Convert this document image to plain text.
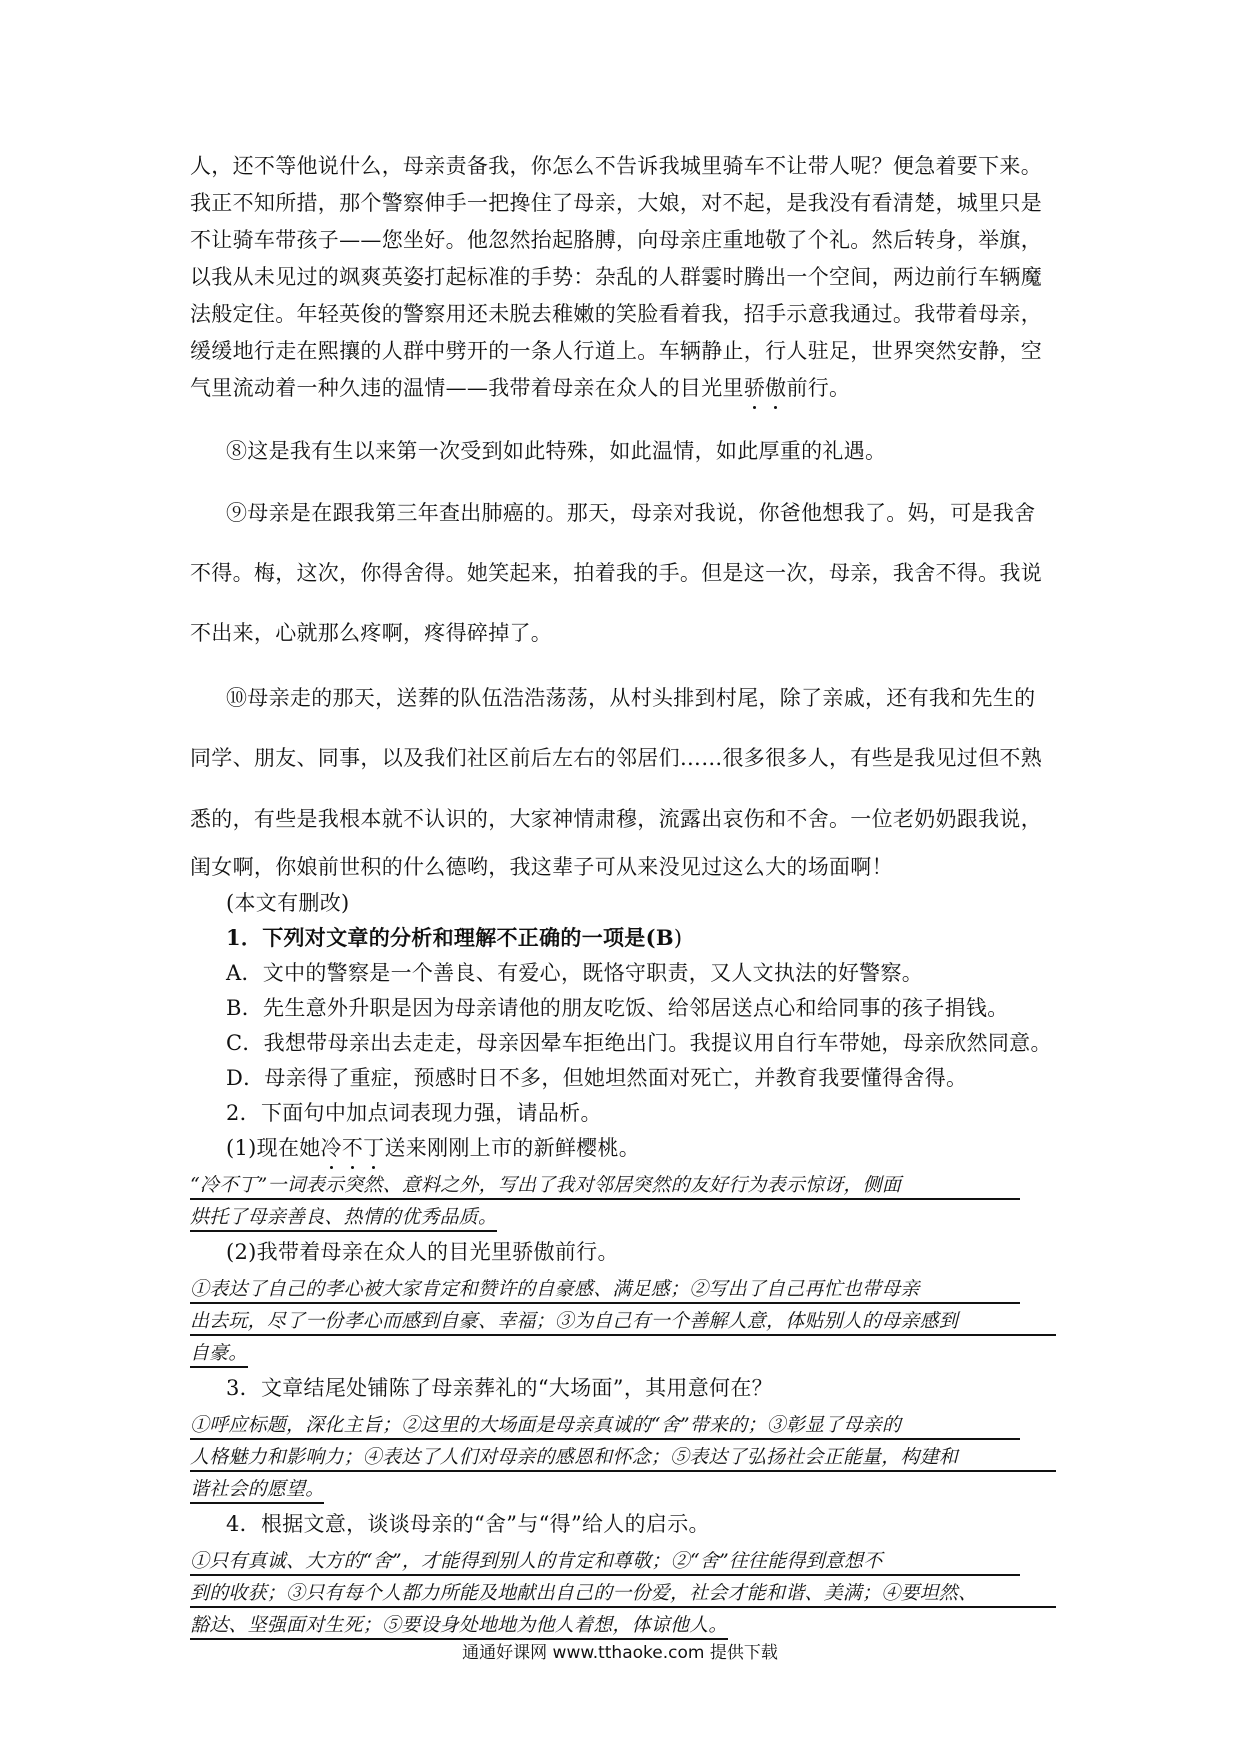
人，还不等他说什么，母亲责备我，你怎么不告诉我城里骑车不让带人呢？便急着要下来。
我正不知所措，那个警察伸手一把搀住了母亲，大娘，对不起，是我没有看清楚，城里只是
不让骑车带孩子——您坐好。他忽然抬起胳膊，向母亲庄重地敬了个礼。然后转身，举旗，
以我从未见过的飒爽英姿打起标准的手势：杂乱的人群霎时腾出一个空间，两边前行车辆魔
法般定住。年轻英俊的警察用还未脱去稚嫩的笑脸看着我，招手示意我通过。我带着母亲，
缓缓地行走在熙攘的人群中劈开的一条人行道上。车辆静止，行人驻足，世界突然安静，空
气里流动着一种久违的温情——我带着母亲在众人的目光里骄傲前行。
⑧这是我有生以来第一次受到如此特殊，如此温情，如此厚重的礼遇。
⑨母亲是在跟我第三年查出肺癌的。那天，母亲对我说，你爸他想我了。妈，可是我舍
不得。梅，这次，你得舍得。她笑起来，拍着我的手。但是这一次，母亲，我舍不得。我说
不出来，心就那么疼啊，疼得碎掉了。
⑩母亲走的那天，送葬的队伍浩浩荡荡，从村头排到村尾，除了亲戚，还有我和先生的
同学、朋友、同事，以及我们社区前后左右的邻居们……很多很多人，有些是我见过但不熟
悉的，有些是我根本就不认识的，大家神情肃穆，流露出哀伤和不舍。一位老奶奶跟我说，
闺女啊，你娘前世积的什么德哟，我这辈子可从来没见过这么大的场面啊！
(本文有删改)
1．下列对文章的分析和理解不正确的一项是(B)
A．文中的警察是一个善良、有爱心，既恪守职责，又人文执法的好警察。
B．先生意外升职是因为母亲请他的朋友吃饭、给邻居送点心和给同事的孩子捐钱。
C．我想带母亲出去走走，母亲因晕车拒绝出门。我提议用自行车带她，母亲欣然同意。
D．母亲得了重症，预感时日不多，但她坦然面对死亡，并教育我要懂得舍得。
2．下面句中加点词表现力强，请品析。
(1)现在她冷不丁送来刚刚上市的新鲜樱桃。
“冷不丁”一词表示突然、意料之外，写出了我对邻居突然的友好行为表示惊讶，侧面
烘托了母亲善良、热情的优秀品质。
(2)我带着母亲在众人的目光里骄傲前行。
①表达了自己的孝心被大家肯定和赞许的自豪感、满足感；②写出了自己再忙也带母亲
出去玩，尽了一份孝心而感到自豪、幸福；③为自己有一个善解人意，体贴别人的母亲感到
自豪。
3．文章结尾处铺陈了母亲葬礼的“大场面”，其用意何在？
①呼应标题，深化主旨；②这里的大场面是母亲真诚的“舍”带来的；③彰显了母亲的
人格魅力和影响力；④表达了人们对母亲的感恩和怀念；⑤表达了弘扬社会正能量，构建和
谐社会的愿望。
4．根据文意，谈谈母亲的“舍”与“得”给人的启示。
①只有真诚、大方的“舍”，才能得到别人的肯定和尊敬；②“舍”往往能得到意想不
到的收获；③只有每个人都力所能及地献出自己的一份爱，社会才能和谐、美满；④要坦然、
豁达、坚强面对生死；⑤要设身处地地为他人着想，体谅他人。
通通好课网 www.tthaoke.com 提供下载
